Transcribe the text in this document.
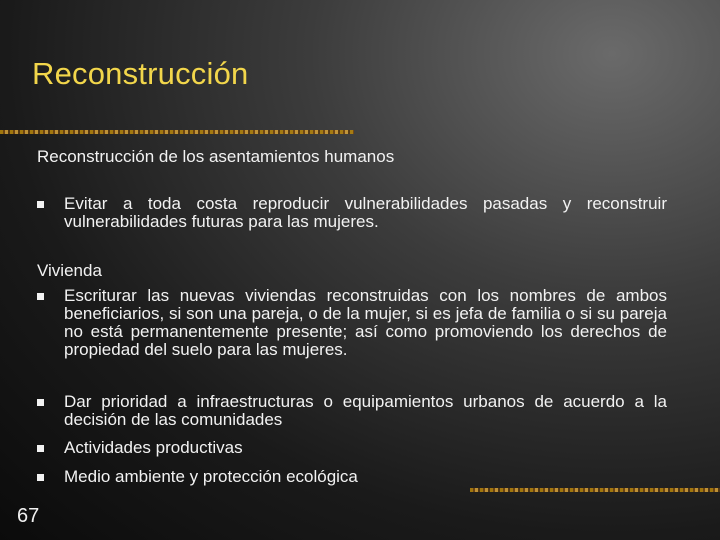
Reconstrucción
Reconstrucción de los asentamientos humanos
Evitar a toda costa reproducir vulnerabilidades pasadas y reconstruir vulnerabilidades futuras para las mujeres.
Vivienda
Escriturar las nuevas viviendas reconstruidas con los nombres de ambos beneficiarios, si son una pareja, o de la mujer, si es jefa de familia o si su pareja no está permanentemente presente; así como promoviendo los derechos de propiedad del suelo para las mujeres.
Dar prioridad a infraestructuras o equipamientos urbanos de acuerdo a la decisión de las comunidades
Actividades productivas
Medio ambiente y protección ecológica
67
